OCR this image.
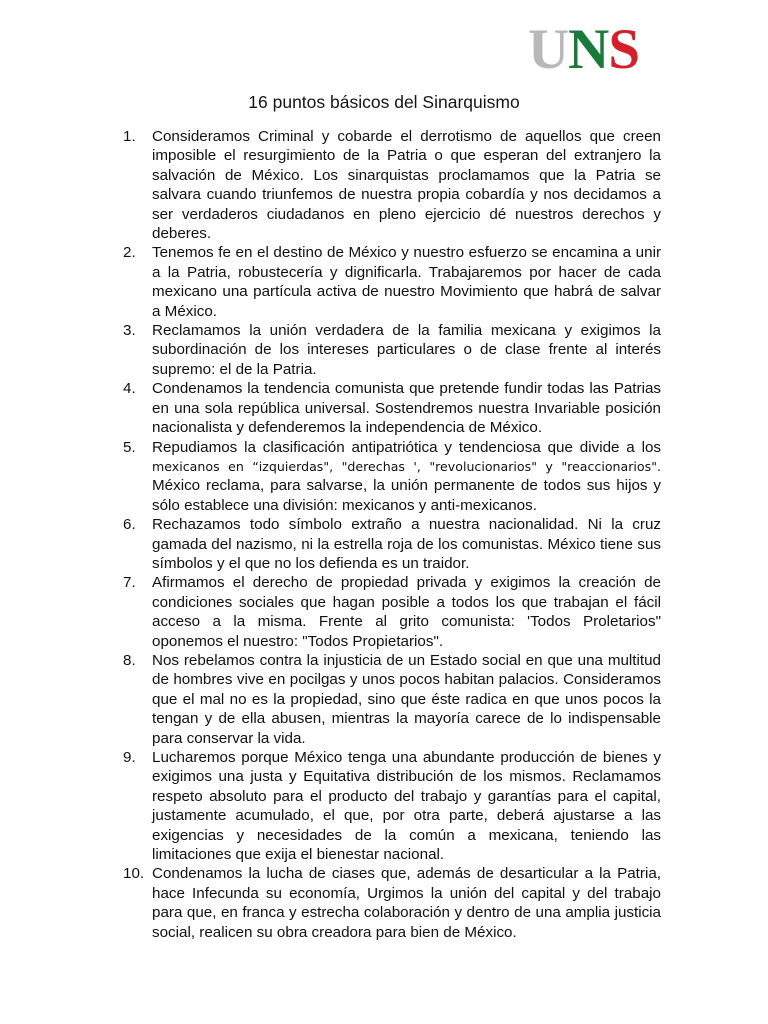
UNS
16 puntos básicos del Sinarquismo
1.	Consideramos Criminal y cobarde el derrotismo de aquellos que creen imposible el resurgimiento de la Patria o que esperan del extranjero la salvación de México. Los sinarquistas proclamamos que la Patria se salvara cuando triunfemos de nuestra propia cobardía y nos decidamos a ser verdaderos ciudadanos en pleno ejercicio dé nuestros derechos y deberes.
2.	Tenemos fe en el destino de México y nuestro esfuerzo se encamina a unir a la Patria, robustecería y dignificarla. Trabajaremos por hacer de cada mexicano una partícula activa de nuestro Movimiento que habrá de salvar a México.
3.	Reclamamos la unión verdadera de la familia mexicana y exigimos la subordinación de los intereses particulares o de clase frente al interés supremo: el de la Patria.
4.	Condenamos la tendencia comunista que pretende fundir todas las Patrias en una sola república universal. Sostendremos nuestra Invariable posición nacionalista y defenderemos la independencia de México.
5.	Repudiamos la clasificación antipatriótica y tendenciosa que divide a los mexicanos en “izquierdas", "derechas ', "revolucionarios" y "reaccionarios". México reclama, para salvarse, la unión permanente de todos sus hijos y sólo establece una división: mexicanos y anti-mexicanos.
6.	Rechazamos todo símbolo extraño a nuestra nacionalidad. Ni la cruz gamada del nazismo, ni la estrella roja de los comunistas. México tiene sus símbolos y el que no los defienda es un traidor.
7.	Afirmamos el derecho de propiedad privada y exigimos la creación de condiciones sociales que hagan posible a todos los que trabajan el fácil acceso a la misma. Frente al grito comunista: 'Todos Proletarios" oponemos el nuestro: "Todos Propietarios".
8.	Nos rebelamos contra la injusticia de un Estado social en que una multitud de hombres vive en pocilgas y unos pocos habitan palacios. Consideramos que el mal no es la propiedad, sino que éste radica en que unos pocos la tengan y de ella abusen, mientras la mayoría carece de lo indispensable para conservar la vida.
9.	Lucharemos porque México tenga una abundante producción de bienes y exigimos una justa y Equitativa distribución de los mismos. Reclamamos respeto absoluto para el producto del trabajo y garantías para el capital, justamente acumulado, el que, por otra parte, deberá ajustarse a las exigencias y necesidades de la común a mexicana, teniendo las limitaciones que exija el bienestar nacional.
10. Condenamos la lucha de ciases que, además de desarticular a la Patria, hace Infecunda su economía, Urgimos la unión del capital y del trabajo para que, en franca y estrecha colaboración y dentro de una amplia justicia social, realicen su obra creadora para bien de México.
